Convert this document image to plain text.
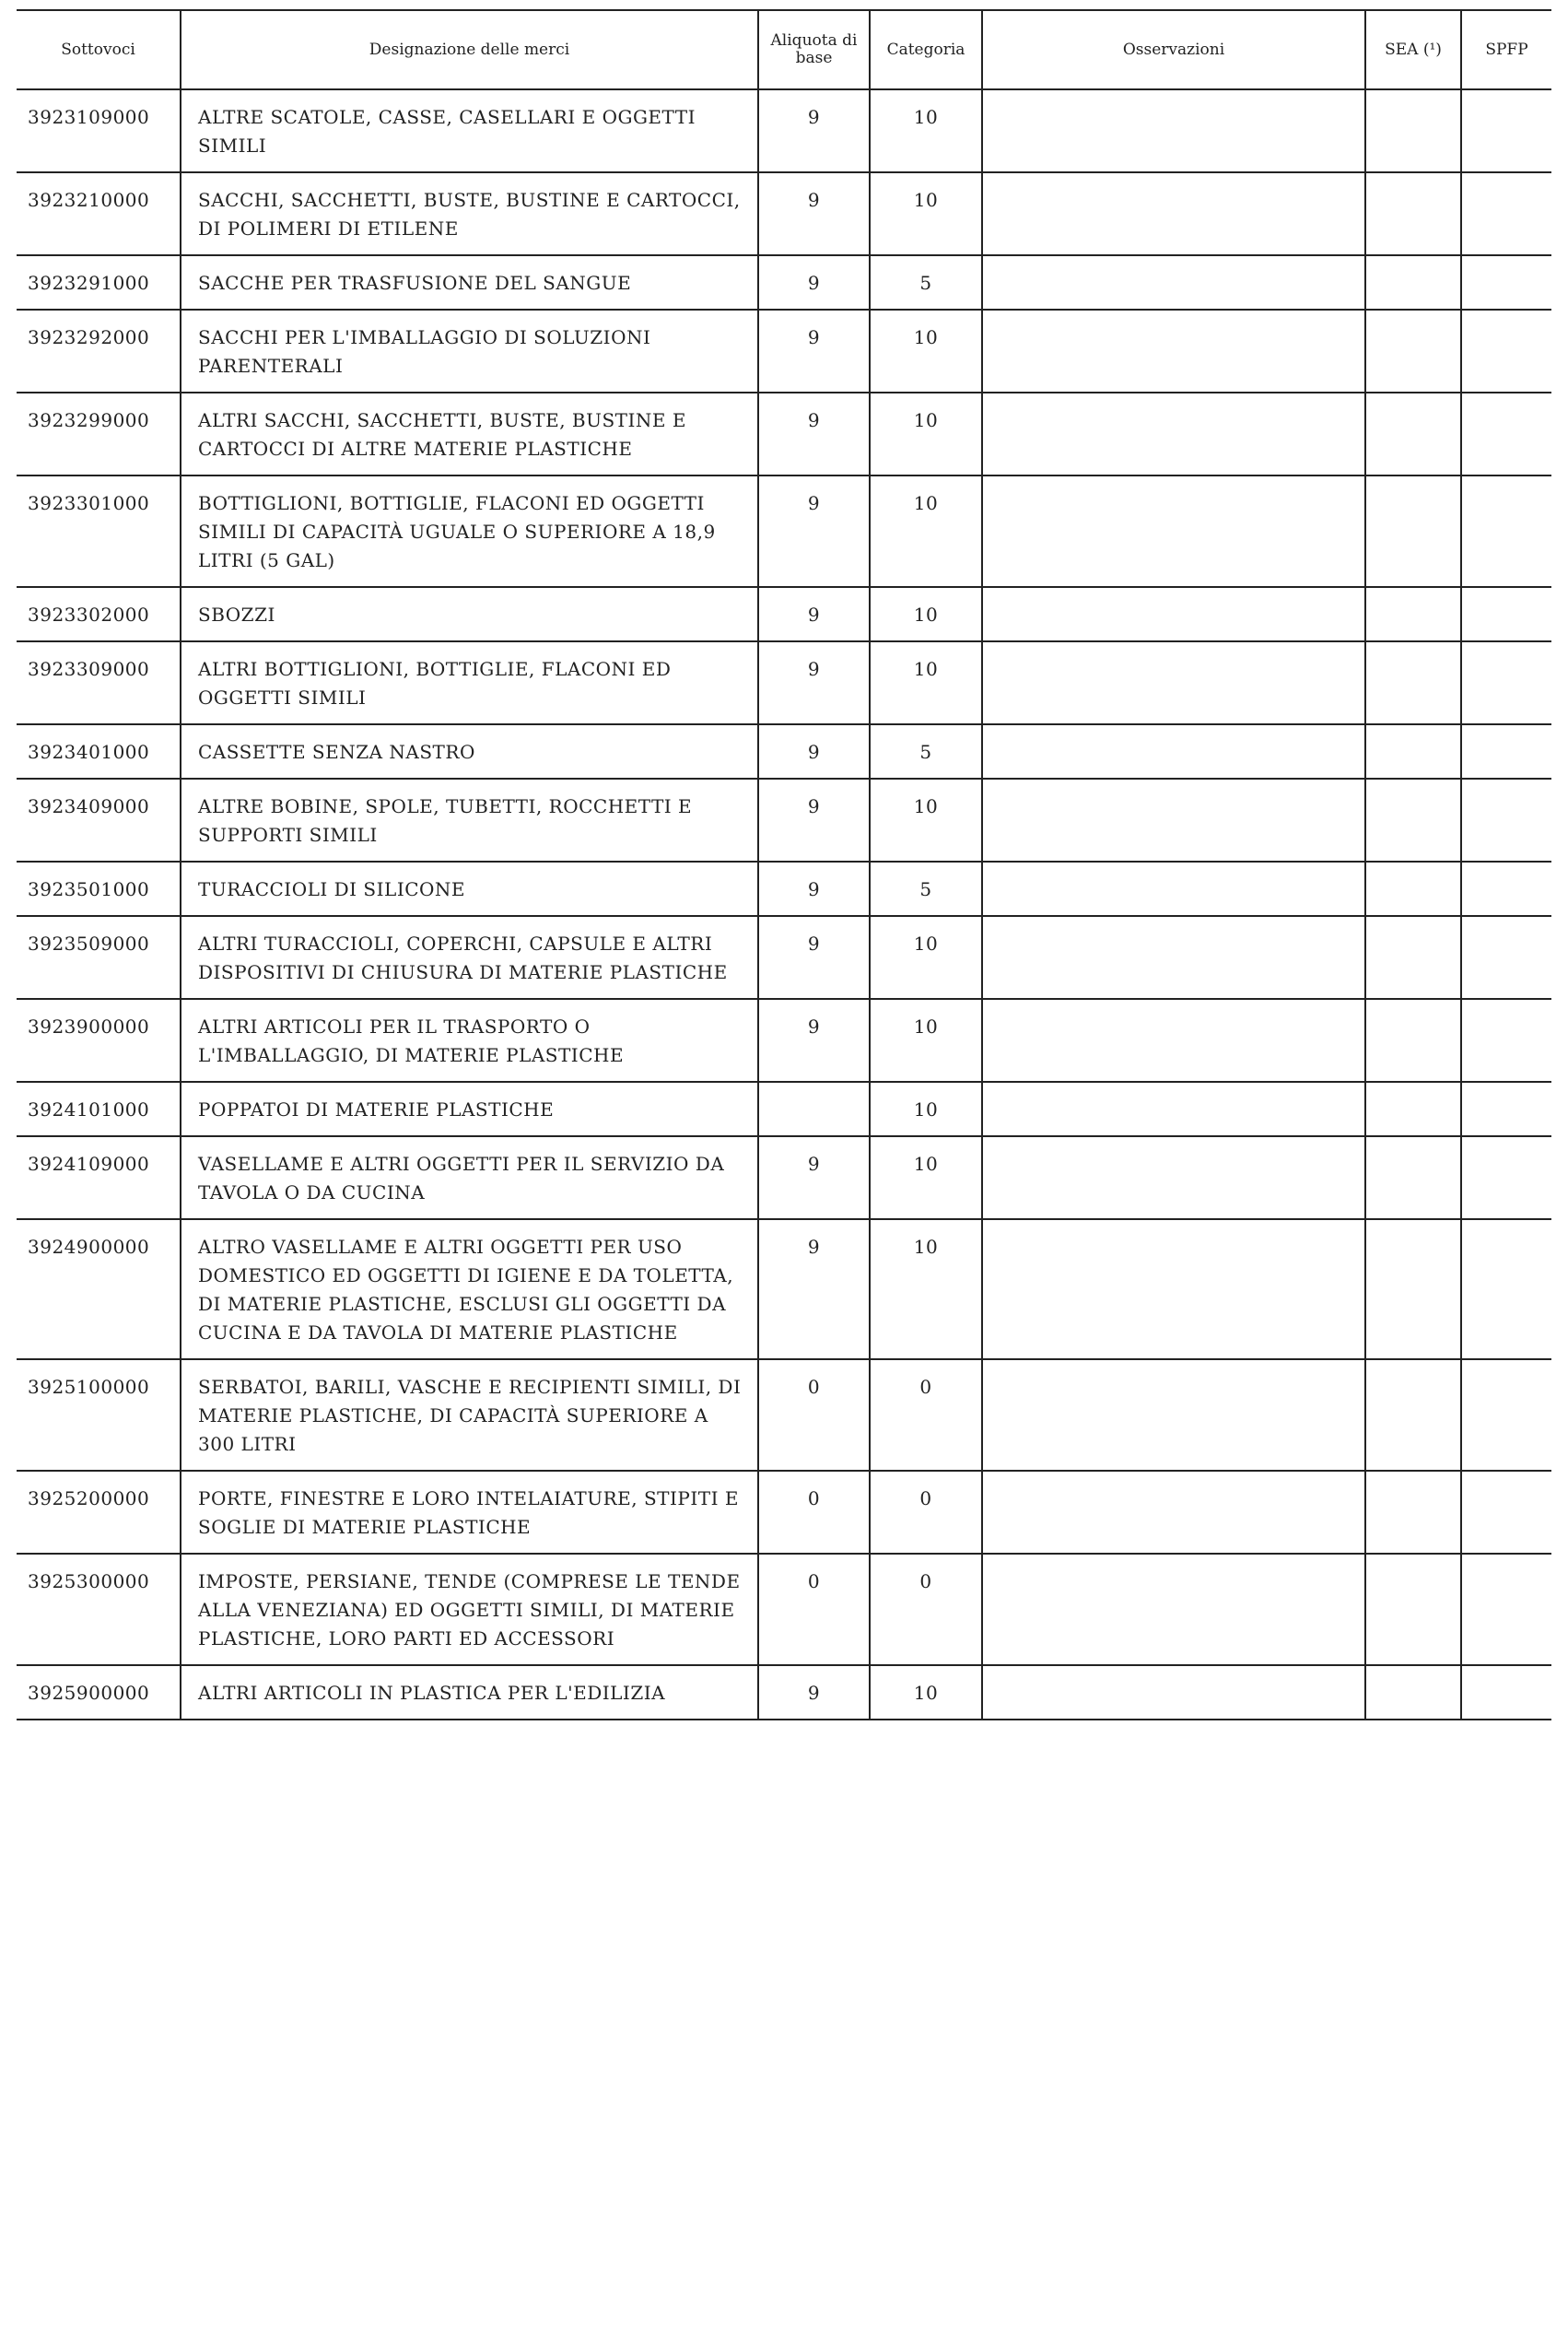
Sottovoci	Designazione delle merci	Aliquota di base	Categoria	Osservazioni	SEA (¹)	SPFP
3923109000	ALTRE SCATOLE, CASSE, CASELLARI E OGGETTI SIMILI	9	10			
3923210000	SACCHI, SACCHETTI, BUSTE, BUSTINE E CARTOCCI, DI POLIMERI DI ETILENE	9	10			
3923291000	SACCHE PER TRASFUSIONE DEL SANGUE	9	5			
3923292000	SACCHI PER L'IMBALLAGGIO DI SOLUZIONI PARENTERALI	9	10			
3923299000	ALTRI SACCHI, SACCHETTI, BUSTE, BUSTINE E CARTOCCI DI ALTRE MATERIE PLASTICHE	9	10			
3923301000	BOTTIGLIONI, BOTTIGLIE, FLACONI ED OGGETTI SIMILI DI CAPACITÀ UGUALE O SUPERIORE A 18,9 LITRI (5 GAL)	9	10			
3923302000	SBOZZI	9	10			
3923309000	ALTRI BOTTIGLIONI, BOTTIGLIE, FLACONI ED OGGETTI SIMILI	9	10			
3923401000	CASSETTE SENZA NASTRO	9	5			
3923409000	ALTRE BOBINE, SPOLE, TUBETTI, ROCCHETTI E SUPPORTI SIMILI	9	10			
3923501000	TURACCIOLI DI SILICONE	9	5			
3923509000	ALTRI TURACCIOLI, COPERCHI, CAPSULE E ALTRI DISPOSITIVI DI CHIUSURA DI MATERIE PLASTICHE	9	10			
3923900000	ALTRI ARTICOLI PER IL TRASPORTO O L'IMBALLAGGIO, DI MATERIE PLASTICHE	9	10			
3924101000	POPPATOI DI MATERIE PLASTICHE		10			
3924109000	VASELLAME E ALTRI OGGETTI PER IL SERVIZIO DA TAVOLA O DA CUCINA	9	10			
3924900000	ALTRO VASELLAME E ALTRI OGGETTI PER USO DOMESTICO ED OGGETTI DI IGIENE E DA TOLETTA, DI MATERIE PLASTICHE, ESCLUSI GLI OGGETTI DA CUCINA E DA TAVOLA DI MATERIE PLASTICHE	9	10			
3925100000	SERBATOI, BARILI, VASCHE E RECIPIENTI SIMILI, DI MATERIE PLASTICHE, DI CAPACITÀ SUPERIORE A 300 LITRI	0	0			
3925200000	PORTE, FINESTRE E LORO INTELAIATURE, STIPITI E SOGLIE DI MATERIE PLASTICHE	0	0			
3925300000	IMPOSTE, PERSIANE, TENDE (COMPRESE LE TENDE ALLA VENEZIANA) ED OGGETTI SIMILI, DI MATERIE PLASTICHE, LORO PARTI ED ACCESSORI	0	0			
3925900000	ALTRI ARTICOLI IN PLASTICA PER L'EDILIZIA	9	10			
